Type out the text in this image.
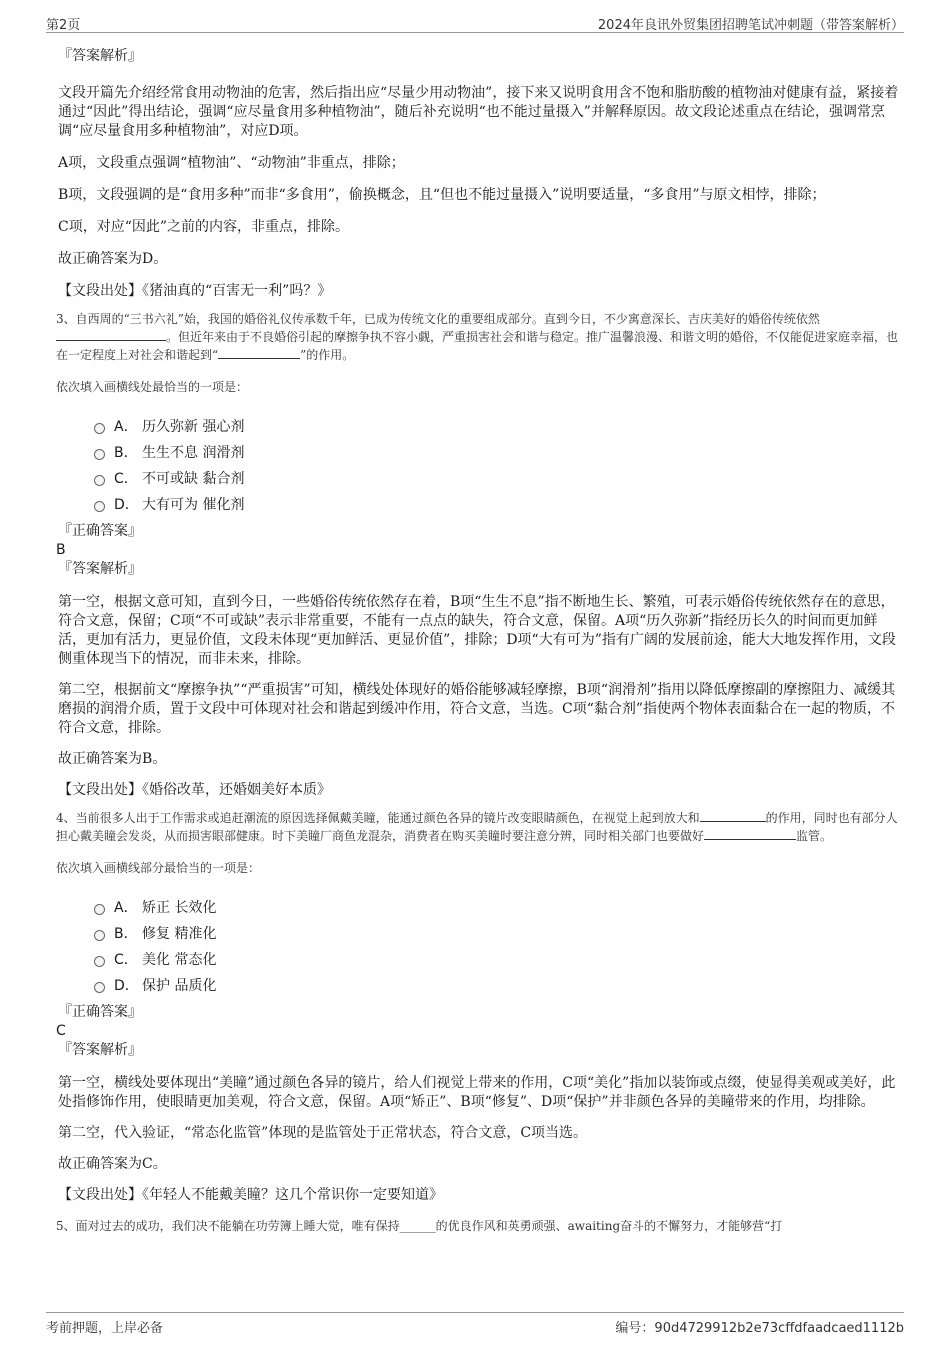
第2页	2024年良讯外贸集团招聘笔试冲刺题（带答案解析）

『答案解析』

文段开篇先介绍经常食用动物油的危害，然后指出应“尽量少用动物油”，接下来又说明食用含不饱和脂肪酸的植物油对健康有益，紧接着通过“因此”得出结论，强调“应尽量食用多种植物油”，随后补充说明“也不能过量摄入”并解释原因。故文段论述重点在结论，强调常烹调“应尽量食用多种植物油”，对应D项。

A项，文段重点强调“植物油”、“动物油”非重点，排除；

B项，文段强调的是“食用多种”而非“多食用”，偷换概念，且“但也不能过量摄入”说明要适量，“多食用”与原文相悖，排除；

C项，对应“因此”之前的内容，非重点，排除。

故正确答案为D。

【文段出处】《猪油真的“百害无一利”吗？》

3、自西周的“三书六礼”始，我国的婚俗礼仪传承数千年，已成为传统文化的重要组成部分。直到今日，不少寓意深长、吉庆美好的婚俗传统依然。但近年来由于不良婚俗引起的摩擦争执不容小觑，严重损害社会和谐与稳定。推广温馨浪漫、和谐文明的婚俗，不仅能促进家庭幸福，也在一定程度上对社会和谐起到“	”的作用。

依次填入画横线处最恰当的一项是：

A． 历久弥新 强心剂
B． 生生不息 润滑剂
C． 不可或缺 黏合剂
D． 大有可为 催化剂

『正确答案』

B

『答案解析』

第一空，根据文意可知，直到今日，一些婚俗传统依然存在着，B项“生生不息”指不断地生长、繁殖，可表示婚俗传统依然存在的意思，符合文意，保留；C项“不可或缺”表示非常重要，不能有一点点的缺失，符合文意，保留。A项“历久弥新”指经历长久的时间而更加鲜活，更加有活力，更显价值，文段未体现“更加鲜活、更显价值”，排除；D项“大有可为”指有广阔的发展前途，能大大地发挥作用，文段侧重体现当下的情况，而非未来，排除。

第二空，根据前文“摩擦争执”“严重损害”可知，横线处体现好的婚俗能够减轻摩擦，B项“润滑剂”指用以降低摩擦副的摩擦阻力、减缓其磨损的润滑介质，置于文段中可体现对社会和谐起到缓冲作用，符合文意，当选。C项“黏合剂”指使两个物体表面黏合在一起的物质，不符合文意，排除。

故正确答案为B。

【文段出处】《婚俗改革，还婚姻美好本质》

4、当前很多人出于工作需求或追赶潮流的原因选择佩戴美瞳，能通过颜色各异的镜片改变眼睛颜色，在视觉上起到放大和	的作用，同时也有部分人担心戴美瞳会发炎，从而损害眼部健康。时下美瞳厂商鱼龙混杂，消费者在购买美瞳时要注意分辨，同时相关部门也要做好	监管。

依次填入画横线部分最恰当的一项是：

A． 矫正 长效化
B． 修复 精准化
C． 美化 常态化
D． 保护 品质化

『正确答案』

C

『答案解析』

第一空，横线处要体现出“美瞳”通过颜色各异的镜片，给人们视觉上带来的作用，C项“美化”指加以装饰或点缀，使显得美观或美好，此处指修饰作用，使眼睛更加美观，符合文意，保留。A项“矫正”、B项“修复”、D项“保护”并非颜色各异的美瞳带来的作用，均排除。

第二空，代入验证，“常态化监管”体现的是监管处于正常状态，符合文意，C项当选。

故正确答案为C。

【文段出处】《年轻人不能戴美瞳？这几个常识你一定要知道》

5、面对过去的成功，我们决不能躺在功劳簿上睡大觉，唯有保持______的优良作风和英勇顽强、awaiting奋斗的不懈努力，才能够营“打

考前押题，上岸必备	编号：90d4729912b2e73cffdfaadcaed1112b
